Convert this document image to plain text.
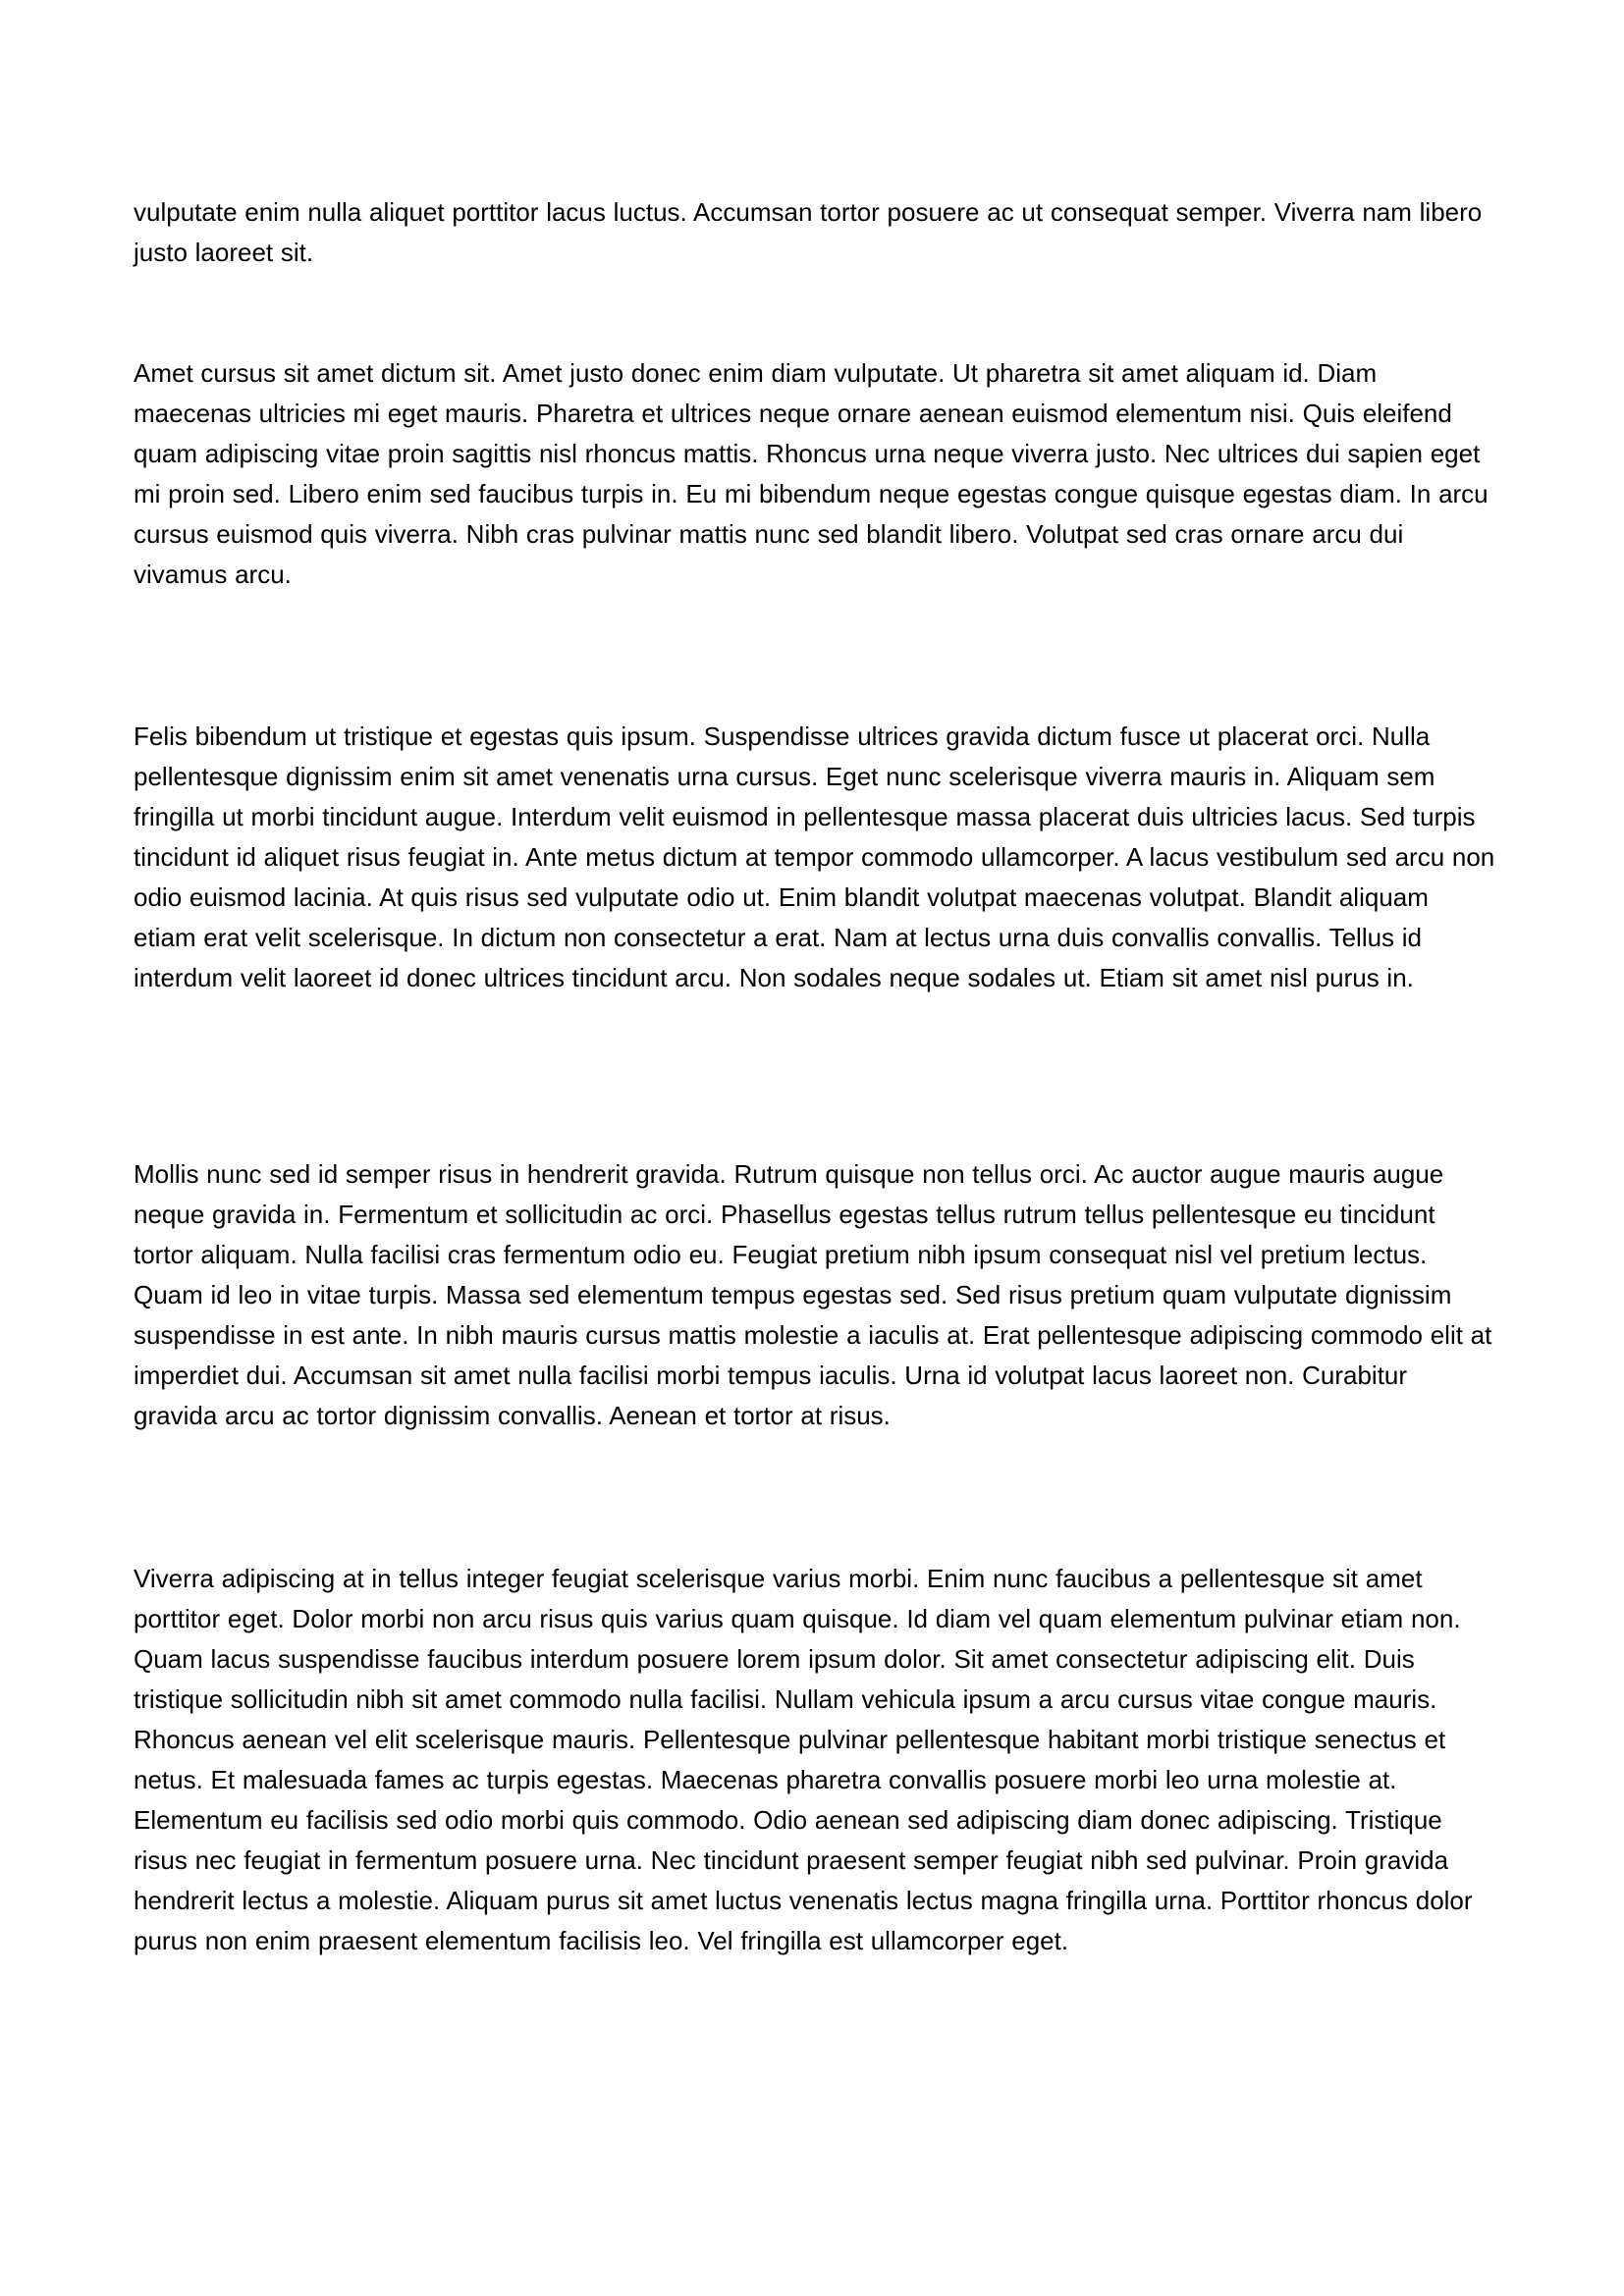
vulputate enim nulla aliquet porttitor lacus luctus. Accumsan tortor posuere ac ut consequat semper. Viverra nam libero justo laoreet sit.

Amet cursus sit amet dictum sit. Amet justo donec enim diam vulputate. Ut pharetra sit amet aliquam id. Diam maecenas ultricies mi eget mauris. Pharetra et ultrices neque ornare aenean euismod elementum nisi. Quis eleifend quam adipiscing vitae proin sagittis nisl rhoncus mattis. Rhoncus urna neque viverra justo. Nec ultrices dui sapien eget mi proin sed. Libero enim sed faucibus turpis in. Eu mi bibendum neque egestas congue quisque egestas diam. In arcu cursus euismod quis viverra. Nibh cras pulvinar mattis nunc sed blandit libero. Volutpat sed cras ornare arcu dui vivamus arcu.

Felis bibendum ut tristique et egestas quis ipsum. Suspendisse ultrices gravida dictum fusce ut placerat orci. Nulla pellentesque dignissim enim sit amet venenatis urna cursus. Eget nunc scelerisque viverra mauris in. Aliquam sem fringilla ut morbi tincidunt augue. Interdum velit euismod in pellentesque massa placerat duis ultricies lacus. Sed turpis tincidunt id aliquet risus feugiat in. Ante metus dictum at tempor commodo ullamcorper. A lacus vestibulum sed arcu non odio euismod lacinia. At quis risus sed vulputate odio ut. Enim blandit volutpat maecenas volutpat. Blandit aliquam etiam erat velit scelerisque. In dictum non consectetur a erat. Nam at lectus urna duis convallis convallis. Tellus id interdum velit laoreet id donec ultrices tincidunt arcu. Non sodales neque sodales ut. Etiam sit amet nisl purus in.

Mollis nunc sed id semper risus in hendrerit gravida. Rutrum quisque non tellus orci. Ac auctor augue mauris augue neque gravida in. Fermentum et sollicitudin ac orci. Phasellus egestas tellus rutrum tellus pellentesque eu tincidunt tortor aliquam. Nulla facilisi cras fermentum odio eu. Feugiat pretium nibh ipsum consequat nisl vel pretium lectus. Quam id leo in vitae turpis. Massa sed elementum tempus egestas sed. Sed risus pretium quam vulputate dignissim suspendisse in est ante. In nibh mauris cursus mattis molestie a iaculis at. Erat pellentesque adipiscing commodo elit at imperdiet dui. Accumsan sit amet nulla facilisi morbi tempus iaculis. Urna id volutpat lacus laoreet non. Curabitur gravida arcu ac tortor dignissim convallis. Aenean et tortor at risus.

Viverra adipiscing at in tellus integer feugiat scelerisque varius morbi. Enim nunc faucibus a pellentesque sit amet porttitor eget. Dolor morbi non arcu risus quis varius quam quisque. Id diam vel quam elementum pulvinar etiam non. Quam lacus suspendisse faucibus interdum posuere lorem ipsum dolor. Sit amet consectetur adipiscing elit. Duis tristique sollicitudin nibh sit amet commodo nulla facilisi. Nullam vehicula ipsum a arcu cursus vitae congue mauris. Rhoncus aenean vel elit scelerisque mauris. Pellentesque pulvinar pellentesque habitant morbi tristique senectus et netus. Et malesuada fames ac turpis egestas. Maecenas pharetra convallis posuere morbi leo urna molestie at. Elementum eu facilisis sed odio morbi quis commodo. Odio aenean sed adipiscing diam donec adipiscing. Tristique risus nec feugiat in fermentum posuere urna. Nec tincidunt praesent semper feugiat nibh sed pulvinar. Proin gravida hendrerit lectus a molestie. Aliquam purus sit amet luctus venenatis lectus magna fringilla urna. Porttitor rhoncus dolor purus non enim praesent elementum facilisis leo. Vel fringilla est ullamcorper eget.
